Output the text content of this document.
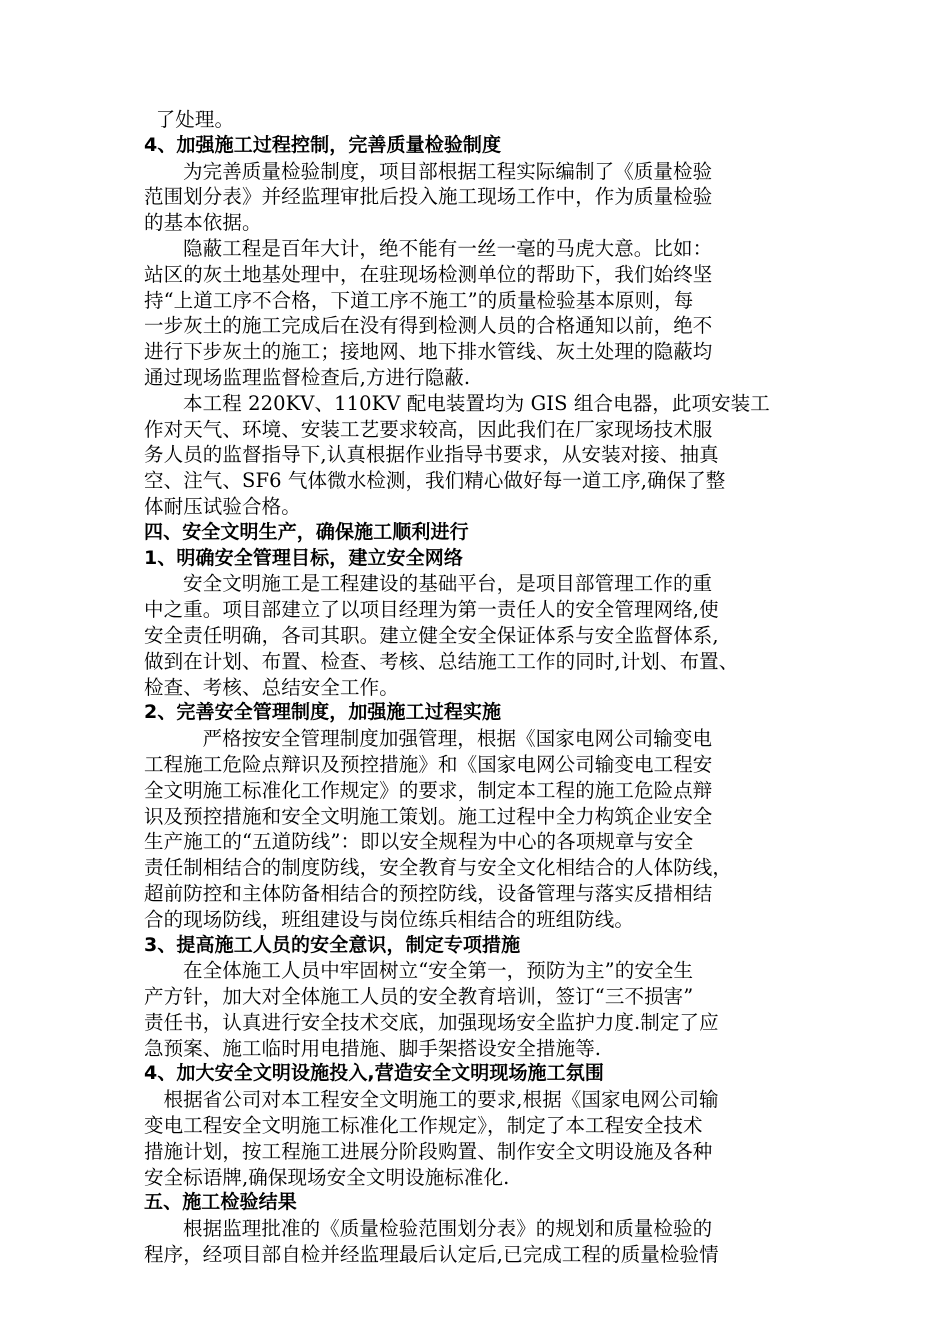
了处理。
4、加强施工过程控制，完善质量检验制度
为完善质量检验制度，项目部根据工程实际编制了《质量检验
范围划分表》并经监理审批后投入施工现场工作中，作为质量检验
的基本依据。
隐蔽工程是百年大计，绝不能有一丝一毫的马虎大意。比如：
站区的灰土地基处理中，在驻现场检测单位的帮助下，我们始终坚
持“上道工序不合格，下道工序不施工”的质量检验基本原则，每
一步灰土的施工完成后在没有得到检测人员的合格通知以前，绝不
进行下步灰土的施工；接地网、地下排水管线、灰土处理的隐蔽均
通过现场监理监督检查后,方进行隐蔽.
本工程 220KV、110KV 配电装置均为 GIS 组合电器，此项安装工
作对天气、环境、安装工艺要求较高，因此我们在厂家现场技术服
务人员的监督指导下,认真根据作业指导书要求，从安装对接、抽真
空、注气、SF6 气体微水检测，我们精心做好每一道工序,确保了整
体耐压试验合格。
四、安全文明生产，确保施工顺利进行
1、明确安全管理目标，建立安全网络
安全文明施工是工程建设的基础平台，是项目部管理工作的重
中之重。项目部建立了以项目经理为第一责任人的安全管理网络,使
安全责任明确，各司其职。建立健全安全保证体系与安全监督体系,
做到在计划、布置、检查、考核、总结施工工作的同时,计划、布置、
检查、考核、总结安全工作。
2、完善安全管理制度，加强施工过程实施
严格按安全管理制度加强管理，根据《国家电网公司输变电
工程施工危险点辩识及预控措施》和《国家电网公司输变电工程安
全文明施工标准化工作规定》的要求，制定本工程的施工危险点辩
识及预控措施和安全文明施工策划。施工过程中全力构筑企业安全
生产施工的“五道防线”：即以安全规程为中心的各项规章与安全
责任制相结合的制度防线，安全教育与安全文化相结合的人体防线，
超前防控和主体防备相结合的预控防线，设备管理与落实反措相结
合的现场防线，班组建设与岗位练兵相结合的班组防线。
3、提高施工人员的安全意识，制定专项措施
在全体施工人员中牢固树立“安全第一，预防为主”的安全生
产方针，加大对全体施工人员的安全教育培训，签订“三不损害”
责任书，认真进行安全技术交底，加强现场安全监护力度.制定了应
急预案、施工临时用电措施、脚手架搭设安全措施等.
4、加大安全文明设施投入,营造安全文明现场施工氛围
根据省公司对本工程安全文明施工的要求,根据《国家电网公司输
变电工程安全文明施工标准化工作规定》，制定了本工程安全技术
措施计划，按工程施工进展分阶段购置、制作安全文明设施及各种
安全标语牌,确保现场安全文明设施标准化.
五、施工检验结果
根据监理批准的《质量检验范围划分表》的规划和质量检验的
程序，经项目部自检并经监理最后认定后,已完成工程的质量检验情
